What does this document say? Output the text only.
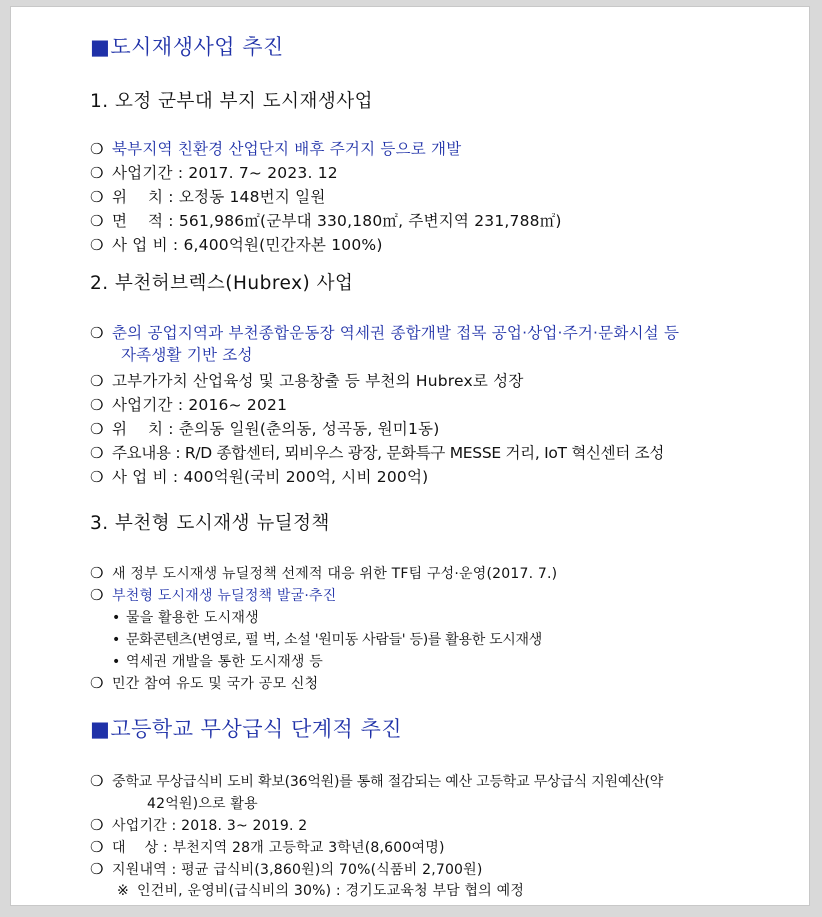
■도시재생사업 추진
1. 오정 군부대 부지 도시재생사업
❍ 북부지역 친환경 산업단지 배후 주거지 등으로 개발
❍ 사업기간 : 2017. 7~ 2023. 12
❍ 위　 치 : 오정동 148번지 일원
❍ 면　 적 : 561,986㎡(군부대 330,180㎡, 주변지역 231,788㎡)
❍ 사 업 비 : 6,400억원(민간자본 100%)
2. 부천허브렉스(Hubrex) 사업
❍ 춘의 공업지역과 부천종합운동장 역세권 종합개발 접목 공업·상업·주거·문화시설 등
자족생활 기반 조성
❍ 고부가가치 산업육성 및 고용창출 등 부천의 Hubrex로 성장
❍ 사업기간 : 2016~ 2021
❍ 위　 치 : 춘의동 일원(춘의동, 성곡동, 원미1동)
❍ 주요내용 : R/D 종합센터, 뫼비우스 광장, 문화특구 MESSE 거리, IoT 혁신센터 조성
❍ 사 업 비 : 400억원(국비 200억, 시비 200억)
3. 부천형 도시재생 뉴딜정책
❍ 새 정부 도시재생 뉴딜정책 선제적 대응 위한 TF팀 구성·운영(2017. 7.)
❍ 부천형 도시재생 뉴딜정책 발굴·추진
• 물을 활용한 도시재생
• 문화콘텐츠(변영로, 펄 벅, 소설 '원미동 사람들' 등)를 활용한 도시재생
• 역세권 개발을 통한 도시재생 등
❍ 민간 참여 유도 및 국가 공모 신청
■고등학교 무상급식 단계적 추진
❍ 중학교 무상급식비 도비 확보(36억원)를 통해 절감되는 예산 고등학교 무상급식 지원예산(약
42억원)으로 활용
❍ 사업기간 : 2018. 3~ 2019. 2
❍ 대　 상 : 부천지역 28개 고등학교 3학년(8,600여명)
❍ 지원내역 : 평균 급식비(3,860원)의 70%(식품비 2,700원)
※ 인건비, 운영비(급식비의 30%) : 경기도교육청 부담 협의 예정
